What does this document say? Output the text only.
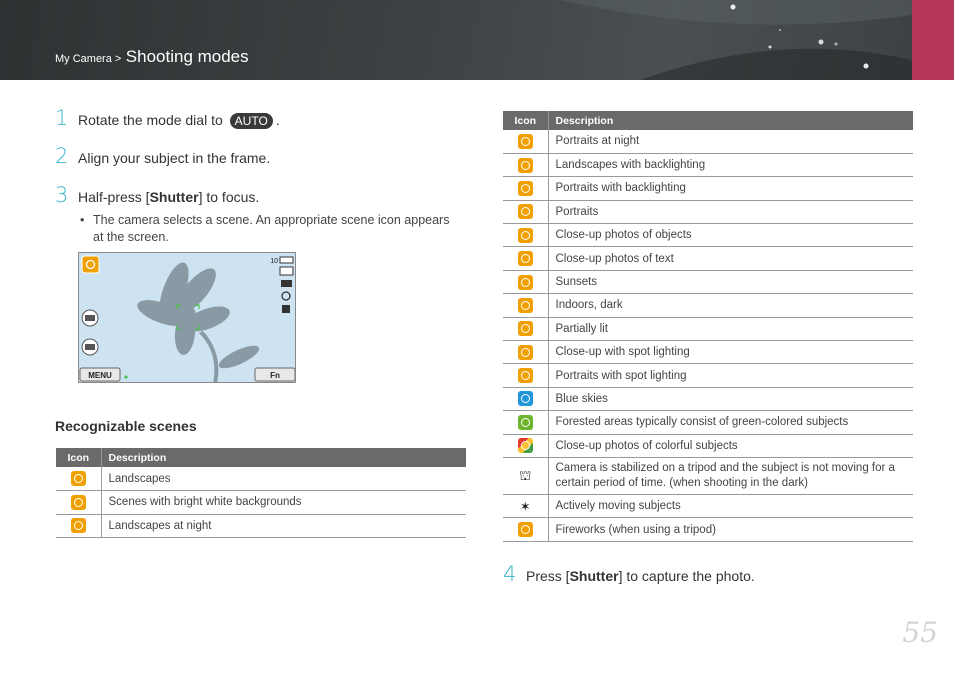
My Camera > Shooting modes
1 Rotate the mode dial to
AUTO .
2 Align your subject in the frame.
3 Half-press [ Shutter ] to focus.
• The camera selects a scene. An appropriate scene icon appears at the screen.
MENU	Fn
10
Recognizable scenes
Icon	Description
	Landscapes
	Scenes with bright white backgrounds
	Landscapes at night
Icon	Description
	Portraits at night
	Landscapes with backlighting
	Portraits with backlighting
	Portraits
	Close-up photos of objects
	Close-up photos of text
	Sunsets
	Indoors, dark
	Partially lit
	Close-up with spot lighting
	Portraits with spot lighting
	Blue skies
	Forested areas typically consist of green-colored subjects
	Close-up photos of colorful subjects
⛫	Camera is stabilized on a tripod and the subject is not moving for a certain period of time. (when shooting in the dark)
✶	Actively moving subjects
	Fireworks (when using a tripod)
4 Press [ Shutter ] to capture the photo.
55
